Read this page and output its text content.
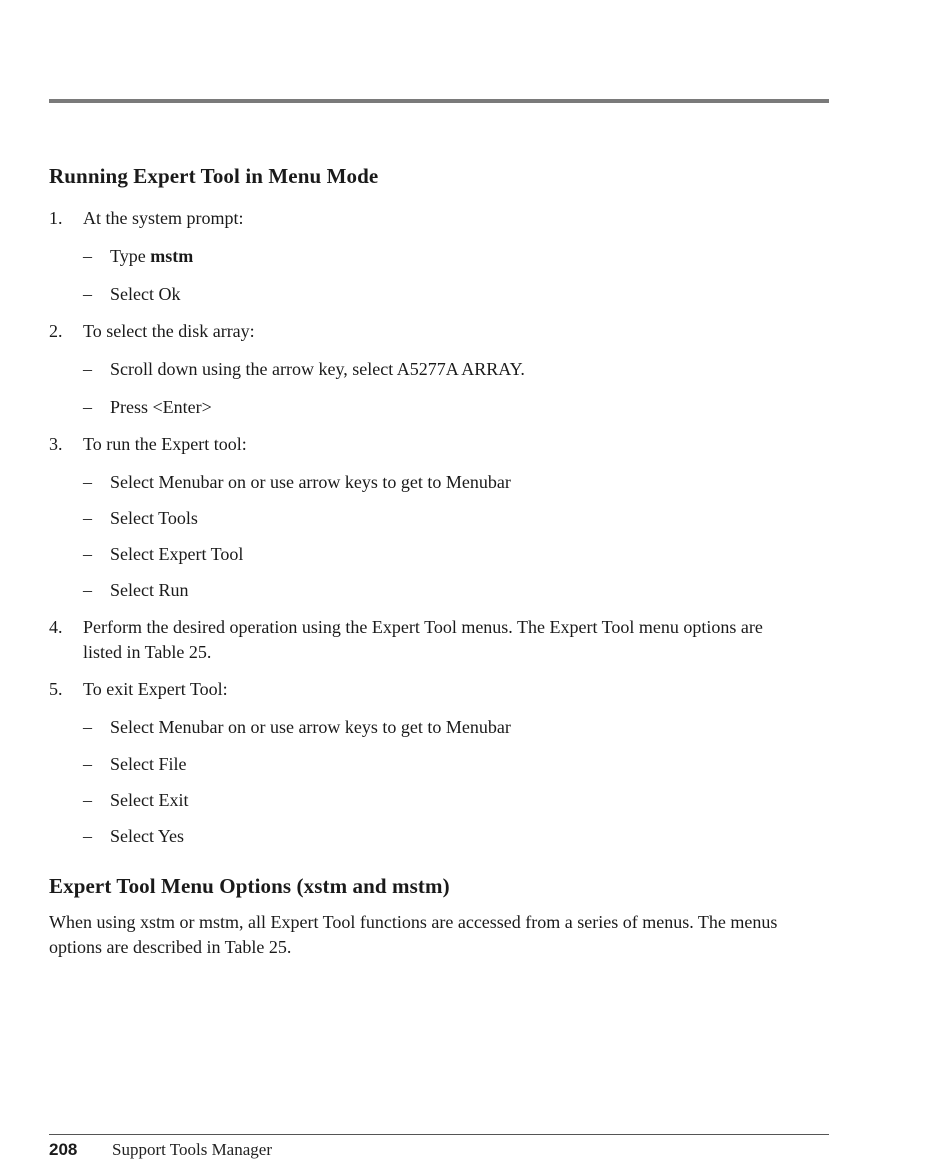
Running Expert Tool in Menu Mode
1. At the system prompt:
– Type mstm
– Select Ok
2. To select the disk array:
– Scroll down using the arrow key, select A5277A ARRAY.
– Press <Enter>
3. To run the Expert tool:
– Select Menubar on or use arrow keys to get to Menubar
– Select Tools
– Select Expert Tool
– Select Run
4. Perform the desired operation using the Expert Tool menus. The Expert Tool menu options are listed in Table 25.
5. To exit Expert Tool:
– Select Menubar on or use arrow keys to get to Menubar
– Select File
– Select Exit
– Select Yes
Expert Tool Menu Options (xstm and mstm)

When using xstm or mstm, all Expert Tool functions are accessed from a series of menus. The menus options are described in Table 25.

208 Support Tools Manager
